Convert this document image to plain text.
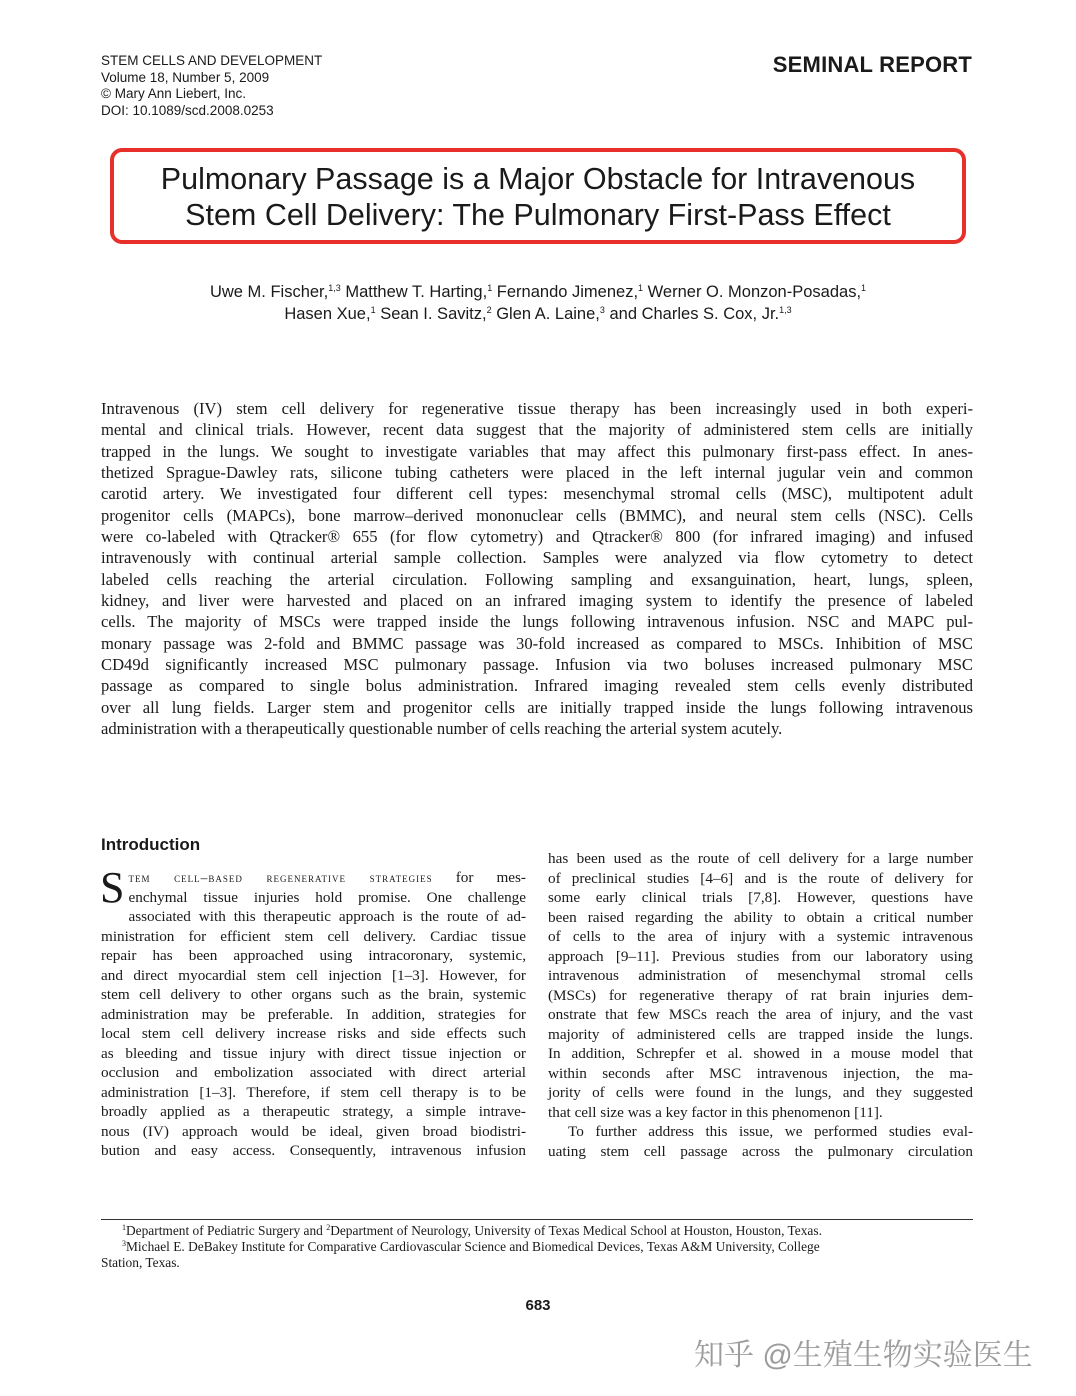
STEM CELLS AND DEVELOPMENT
Volume 18, Number 5, 2009
© Mary Ann Liebert, Inc.
DOI: 10.1089/scd.2008.0253
SEMINAL REPORT
Pulmonary Passage is a Major Obstacle for Intravenous
Stem Cell Delivery: The Pulmonary First-Pass Effect
Uwe M. Fischer,$^{1,3}$ Matthew T. Harting,$^1$ Fernando Jimenez,$^1$ Werner O. Monzon-Posadas,$^1$
Hasen Xue,$^1$ Sean I. Savitz,$^2$ Glen A. Laine,$^3$ and Charles S. Cox, Jr.$^{1,3}$
Intravenous (IV) stem cell delivery for regenerative tissue therapy has been increasingly used in both experi-
mental and clinical trials. However, recent data suggest that the majority of administered stem cells are initially
trapped in the lungs. We sought to investigate variables that may affect this pulmonary first-pass effect. In anes-
thetized Sprague-Dawley rats, silicone tubing catheters were placed in the left internal jugular vein and common
carotid artery. We investigated four different cell types: mesenchymal stromal cells (MSC), multipotent adult
progenitor cells (MAPCs), bone marrow–derived mononuclear cells (BMMC), and neural stem cells (NSC). Cells
were co-labeled with Qtracker® 655 (for flow cytometry) and Qtracker® 800 (for infrared imaging) and infused
intravenously with continual arterial sample collection. Samples were analyzed via flow cytometry to detect
labeled cells reaching the arterial circulation. Following sampling and exsanguination, heart, lungs, spleen,
kidney, and liver were harvested and placed on an infrared imaging system to identify the presence of labeled
cells. The majority of MSCs were trapped inside the lungs following intravenous infusion. NSC and MAPC pul-
monary passage was 2-fold and BMMC passage was 30-fold increased as compared to MSCs. Inhibition of MSC
CD49d significantly increased MSC pulmonary passage. Infusion via two boluses increased pulmonary MSC
passage as compared to single bolus administration. Infrared imaging revealed stem cells evenly distributed
over all lung fields. Larger stem and progenitor cells are initially trapped inside the lungs following intravenous
administration with a therapeutically questionable number of cells reaching the arterial system acutely.
Introduction
S tem cell–based regenerative strategies for mes-
enchymal tissue injuries hold promise. One challenge
associated with this therapeutic approach is the route of ad-
ministration for efficient stem cell delivery. Cardiac tissue
repair has been approached using intracoronary, systemic,
and direct myocardial stem cell injection [1–3]. However, for
stem cell delivery to other organs such as the brain, systemic
administration may be preferable. In addition, strategies for
local stem cell delivery increase risks and side effects such
as bleeding and tissue injury with direct tissue injection or
occlusion and embolization associated with direct arterial
administration [1–3]. Therefore, if stem cell therapy is to be
broadly applied as a therapeutic strategy, a simple intrave-
nous (IV) approach would be ideal, given broad biodistri-
bution and easy access. Consequently, intravenous infusion
has been used as the route of cell delivery for a large number
of preclinical studies [4–6] and is the route of delivery for
some early clinical trials [7,8]. However, questions have
been raised regarding the ability to obtain a critical number
of cells to the area of injury with a systemic intravenous
approach [9–11]. Previous studies from our laboratory using
intravenous administration of mesenchymal stromal cells
(MSCs) for regenerative therapy of rat brain injuries dem-
onstrate that few MSCs reach the area of injury, and the vast
majority of administered cells are trapped inside the lungs.
In addition, Schrepfer et al. showed in a mouse model that
within seconds after MSC intravenous injection, the ma-
jority of cells were found in the lungs, and they suggested
that cell size was a key factor in this phenomenon [11].
To further address this issue, we performed studies eval-
uating stem cell passage across the pulmonary circulation
$^1$Department of Pediatric Surgery and $^2$Department of Neurology, University of Texas Medical School at Houston, Houston, Texas.
$^3$Michael E. DeBakey Institute for Comparative Cardiovascular Science and Biomedical Devices, Texas A&M University, College
Station, Texas.
683
知乎 @生殖生物实验医生
